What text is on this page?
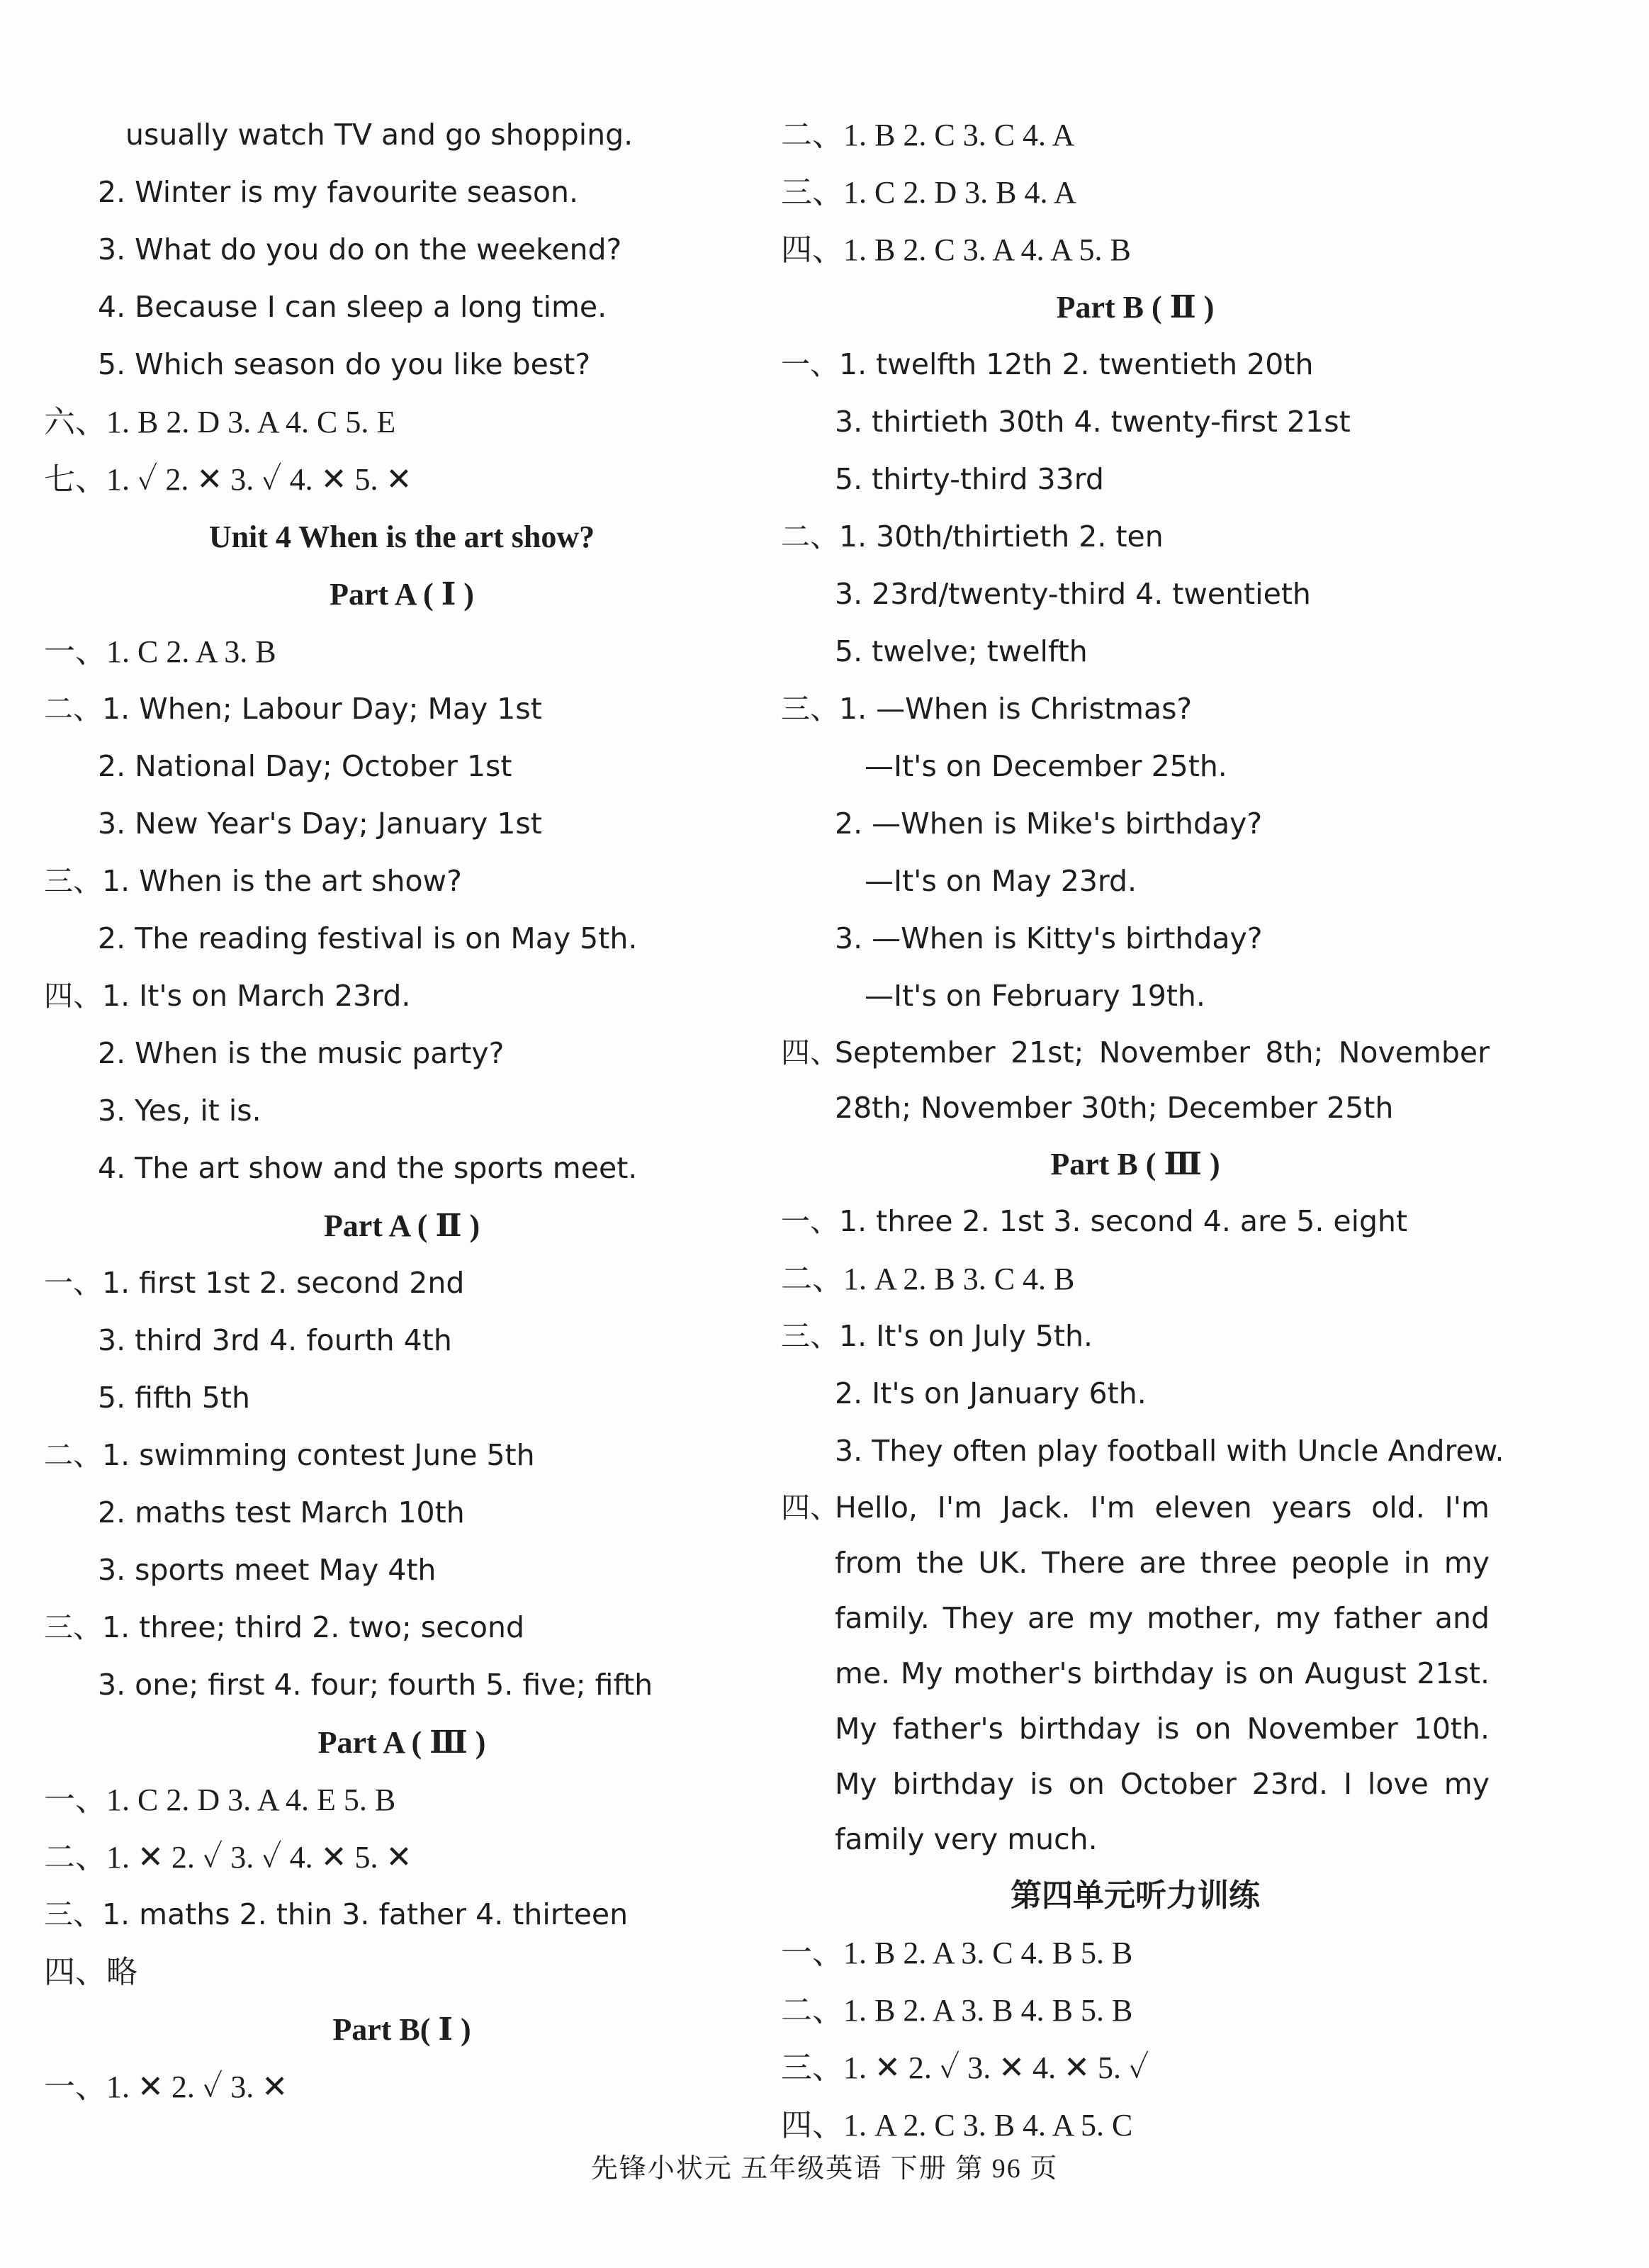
usually watch TV and go shopping.
2. Winter is my favourite season.
3. What do you do on the weekend?
4. Because I can sleep a long time.
5. Which season do you like best?
六、1. B 2. D 3. A 4. C 5. E
七、1. ✓ 2. ✕ 3. ✓ 4. ✕ 5. ✕
Unit 4 When is the art show?
Part A ( Ⅰ )
一、1. C 2. A 3. B
二、1. When; Labour Day; May 1st
2. National Day; October 1st
3. New Year's Day; January 1st
三、1. When is the art show?
2. The reading festival is on May 5th.
四、1. It's on March 23rd.
2. When is the music party?
3. Yes, it is.
4. The art show and the sports meet.
Part A ( Ⅱ )
一、1. first 1st 2. second 2nd
3. third 3rd 4. fourth 4th
5. fifth 5th
二、1. swimming contest June 5th
2. maths test March 10th
3. sports meet May 4th
三、1. three; third 2. two; second
3. one; first 4. four; fourth 5. five; fifth
Part A ( Ⅲ )
一、1. C 2. D 3. A 4. E 5. B
二、1. ✕ 2. ✓ 3. ✓ 4. ✕ 5. ✕
三、1. maths 2. thin 3. father 4. thirteen
四、略
Part B( Ⅰ )
一、1. ✕ 2. ✓ 3. ✕
二、1. B 2. C 3. C 4. A
三、1. C 2. D 3. B 4. A
四、1. B 2. C 3. A 4. A 5. B
Part B ( Ⅱ )
一、1. twelfth 12th 2. twentieth 20th
3. thirtieth 30th 4. twenty-first 21st
5. thirty-third 33rd
二、1. 30th/thirtieth 2. ten
3. 23rd/twenty-third 4. twentieth
5. twelve; twelfth
三、1. —When is Christmas?
—It's on December 25th.
2. —When is Mike's birthday?
—It's on May 23rd.
3. —When is Kitty's birthday?
—It's on February 19th.
四、
September 21st; November 8th; November 28th; November 30th; December 25th
Part B ( Ⅲ )
一、1. three 2. 1st 3. second 4. are 5. eight
二、1. A 2. B 3. C 4. B
三、1. It's on July 5th.
2. It's on January 6th.
3. They often play football with Uncle Andrew.
四、
Hello, I'm Jack. I'm eleven years old. I'm from the UK. There are three people in my family. They are my mother, my father and me. My mother's birthday is on August 21st. My father's birthday is on November 10th. My birthday is on October 23rd. I love my family very much.
第四单元听力训练
一、1. B 2. A 3. C 4. B 5. B
二、1. B 2. A 3. B 4. B 5. B
三、1. ✕ 2. ✓ 3. ✕ 4. ✕ 5. ✓
四、1. A 2. C 3. B 4. A 5. C
先锋小状元 五年级英语 下册 第 96 页
